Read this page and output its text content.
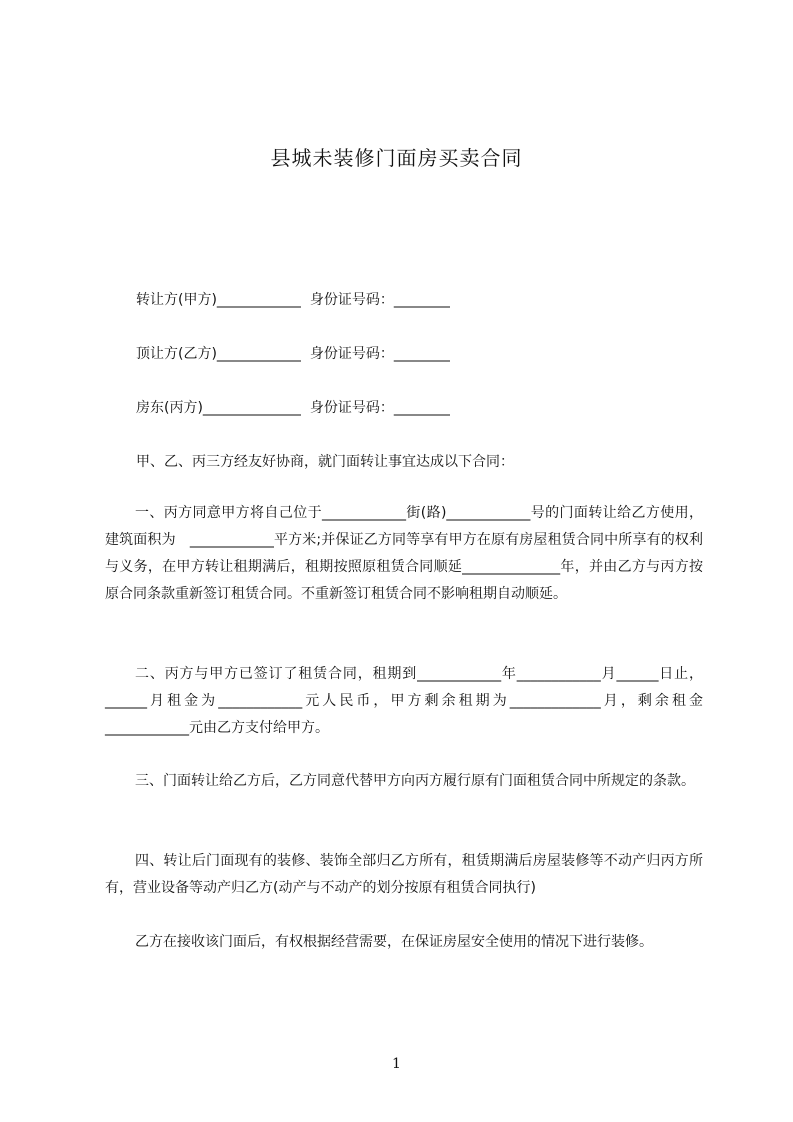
县城未装修门面房买卖合同
转让方(甲方)____________  身份证号码：________
顶让方(乙方)____________  身份证号码：________
房东(丙方)______________  身份证号码：________
甲、乙、丙三方经友好协商，就门面转让事宜达成以下合同：

一、丙方同意甲方将自己位于____________街(路)____________号的门面转让给乙方使用，建筑面积为　____________平方米;并保证乙方同等享有甲方在原有房屋租赁合同中所享有的权利与义务，在甲方转让租期满后，租期按照原租赁合同顺延______________年，并由乙方与丙方按原合同条款重新签订租赁合同。不重新签订租赁合同不影响租期自动顺延。

二、丙方与甲方已签订了租赁合同，租期到____________年____________月______日止，______月租金为____________元人民币，甲方剩余租期为_____________月，剩余租金____________元由乙方支付给甲方。

三、门面转让给乙方后，乙方同意代替甲方向丙方履行原有门面租赁合同中所规定的条款。

四、转让后门面现有的装修、装饰全部归乙方所有，租赁期满后房屋装修等不动产归丙方所有，营业设备等动产归乙方(动产与不动产的划分按原有租赁合同执行)

乙方在接收该门面后，有权根据经营需要，在保证房屋安全使用的情况下进行装修。

1
